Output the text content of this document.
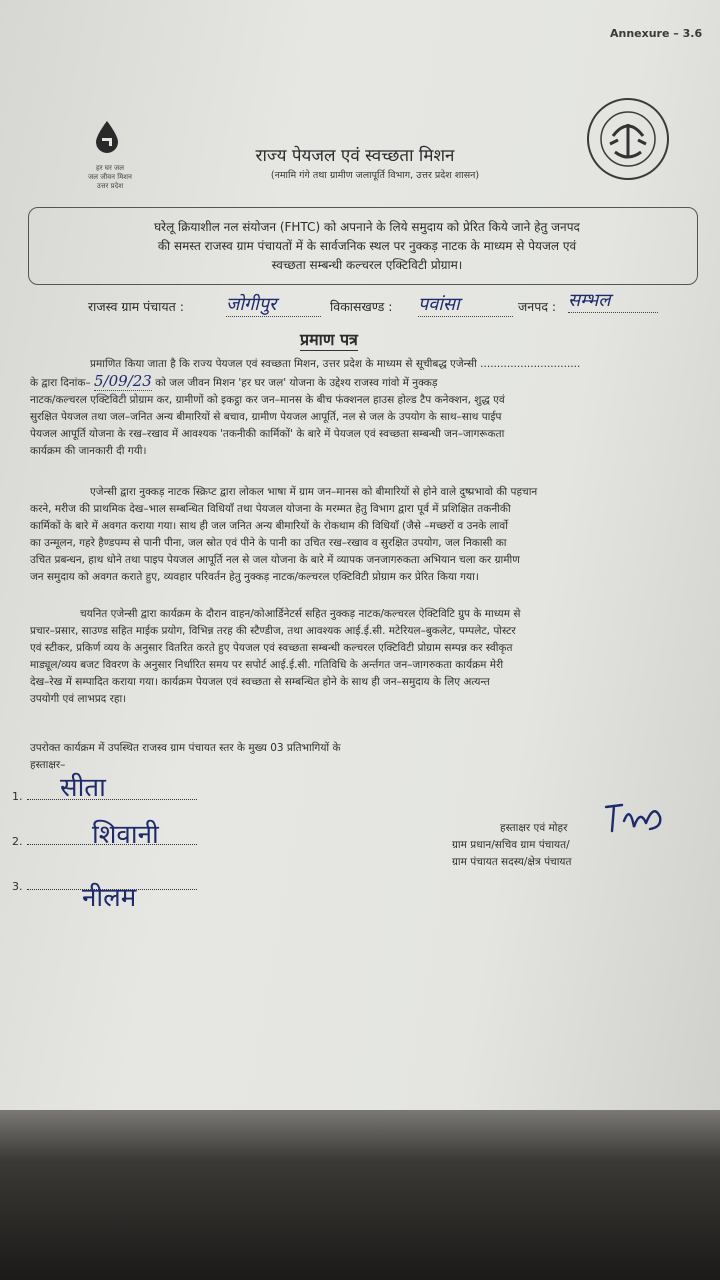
Annexure – 3.6
हर घर जल
जल जीवन मिशन
उत्तर प्रदेश
राज्य पेयजल एवं स्वच्छता मिशन
(नमामि गंगे तथा ग्रामीण जलापूर्ति विभाग, उत्तर प्रदेश शासन)
घरेलू क्रियाशील नल संयोजन (FHTC) को अपनाने के लिये समुदाय को प्रेरित किये जाने हेतु जनपद
की समस्त राजस्व ग्राम पंचायतों में के सार्वजनिक स्थल पर नुक्कड़ नाटक के माध्यम से पेयजल एवं
स्वच्छता सम्बन्धी कल्चरल एक्टिविटी प्रोग्राम।
राजस्व ग्राम पंचायत : जोगीपुर	विकासखण्ड : पवांसा	जनपद : सम्भल
प्रमाण पत्र
प्रमाणित किया जाता है कि राज्य पेयजल एवं स्वच्छता मिशन, उत्तर प्रदेश के माध्यम से सूचीबद्ध एजेन्सी ..............................
के द्वारा दिनांक– 5/09/23 को जल जीवन मिशन 'हर घर जल' योजना के उद्देश्य राजस्व गांवो में नुक्कड़
नाटक/कल्चरल एक्टिविटी प्रोग्राम कर, ग्रामीणों को इकट्ठा कर जन–मानस के बीच फंक्शनल हाउस होल्ड टैप कनेक्शन, शुद्ध एवं
सुरक्षित पेयजल तथा जल–जनित अन्य बीमारियों से बचाव, ग्रामीण पेयजल आपूर्ति, नल से जल के उपयोग के साथ–साथ पाईप
पेयजल आपूर्ति योजना के रख–रखाव में आवश्यक 'तकनीकी कार्मिकों' के बारे में पेयजल एवं स्वच्छता सम्बन्धी जन–जागरूकता
कार्यक्रम की जानकारी दी गयी।
एजेन्सी द्वारा नुक्कड़ नाटक स्क्रिप्ट द्वारा लोकल भाषा में ग्राम जन–मानस को बीमारियों से होने वाले दुष्प्रभावो की पहचान
करने, मरीज की प्राथमिक देख–भाल सम्बन्धित विधियाँ तथा पेयजल योजना के मरम्मत हेतु विभाग द्वारा पूर्व में प्रशिक्षित तकनीकी
कार्मिकों के बारे में अवगत कराया गया। साथ ही जल जनित अन्य बीमारियों के रोकथाम की विधियाँ (जैसे –मच्छरों व उनके लार्वो
का उन्मूलन, गहरे हैण्डपम्प से पानी पीना, जल स्रोत एवं पीने के पानी का उचित रख–रखाव व सुरक्षित उपयोग, जल निकासी का
उचित प्रबन्धन, हाथ धोने तथा पाइप पेयजल आपूर्ति नल से जल योजना के बारे में व्यापक जनजागरुकता अभियान चला कर ग्रामीण
जन समुदाय को अवगत कराते हुए, व्यवहार परिवर्तन हेतु नुक्कड़ नाटक/कल्चरल एक्टिविटी प्रोग्राम कर प्रेरित किया गया।
चयनित एजेन्सी द्वारा कार्यक्रम के दौरान वाहन/कोआर्डिनेटर्स सहित नुक्कड़ नाटक/कल्चरल ऐक्टिविटि ग्रुप के माध्यम से
प्रचार–प्रसार, साउण्ड सहित माईक प्रयोग, विभिन्न तरह की स्टैण्डीज, तथा आवश्यक आई.ई.सी. मटेरियल–बुकलेट, पम्पलेट, पोस्टर
एवं स्टीकर, प्रकिर्ण व्यय के अनुसार वितरित करते हुए पेयजल एवं स्वच्छता सम्बन्धी कल्चरल एक्टिविटी प्रोग्राम सम्पन्न कर स्वीकृत
माड्यूल/व्यय बजट विवरण के अनुसार निर्धारित समय पर सपोर्ट आई.ई.सी. गतिविधि के अर्न्तगत जन–जागरुकता कार्यक्रम मेरी
देख–रेख में सम्पादित कराया गया। कार्यक्रम पेयजल एवं स्वच्छता से सम्बन्धित होने के साथ ही जन–समुदाय के लिए अत्यन्त
उपयोगी एवं लाभप्रद रहा।
उपरोक्त कार्यक्रम में उपस्थित राजस्व ग्राम पंचायत स्तर के मुख्य 03 प्रतिभागियों के
हस्ताक्षर–
1.	सीता
2.	शिवानी
3.	नीलम
हस्ताक्षर एवं मोहर
ग्राम प्रधान/सचिव ग्राम पंचायत/
ग्राम पंचायत सदस्य/क्षेत्र पंचायत
